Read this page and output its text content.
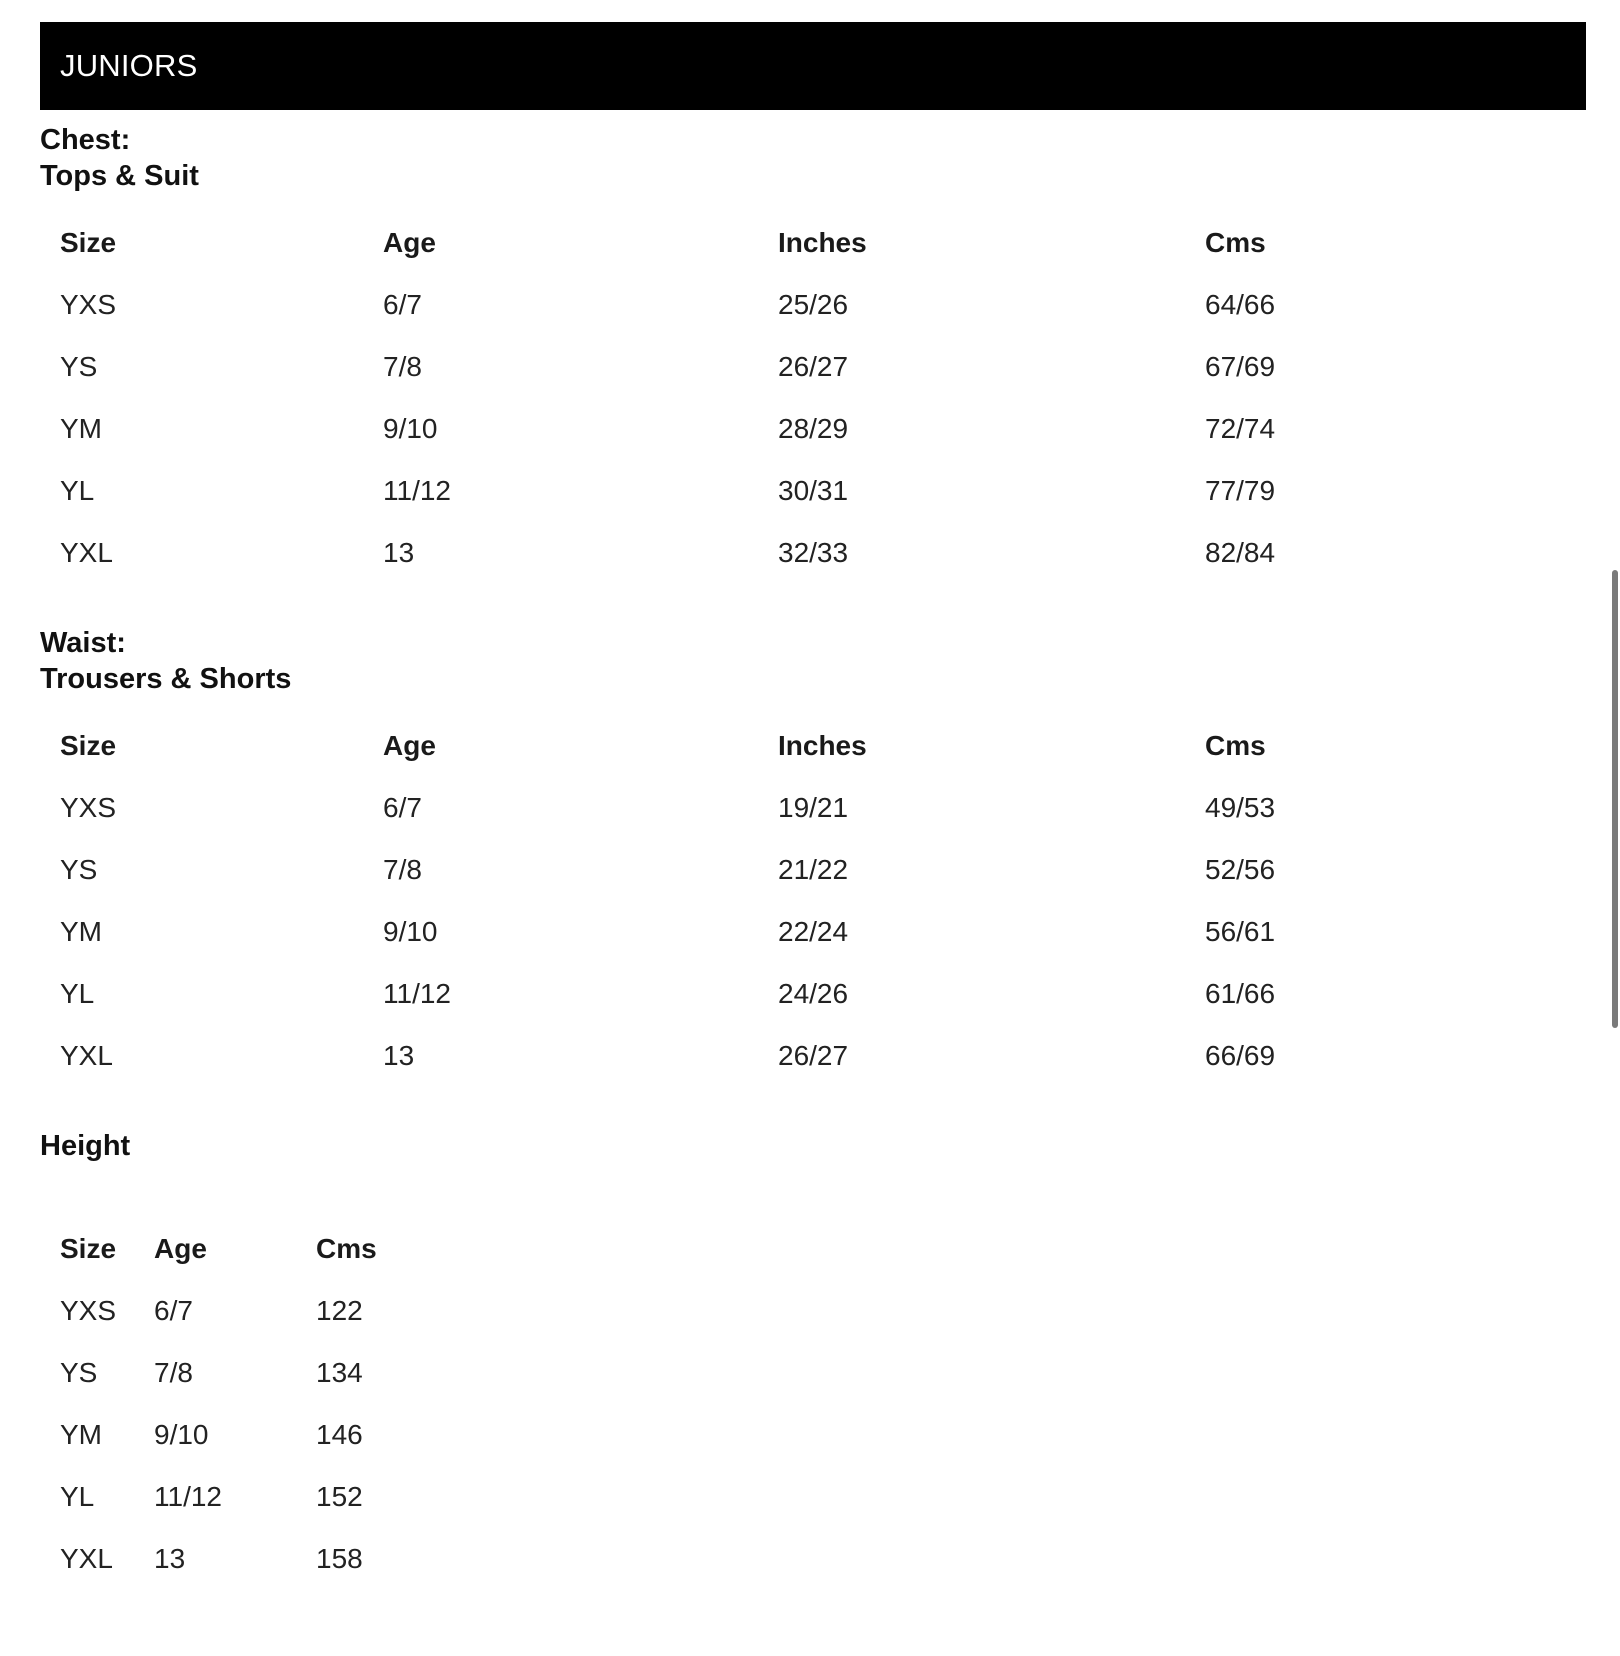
JUNIORS
Chest:
Tops & Suit
Size	Age	Inches	Cms
YXS	6/7	25/26	64/66
YS	7/8	26/27	67/69
YM	9/10	28/29	72/74
YL	11/12	30/31	77/79
YXL	13	32/33	82/84
Waist:
Trousers & Shorts
Size	Age	Inches	Cms
YXS	6/7	19/21	49/53
YS	7/8	21/22	52/56
YM	9/10	22/24	56/61
YL	11/12	24/26	61/66
YXL	13	26/27	66/69
Height
Size	Age	Cms
YXS	6/7	122
YS	7/8	134
YM	9/10	146
YL	11/12	152
YXL	13	158
